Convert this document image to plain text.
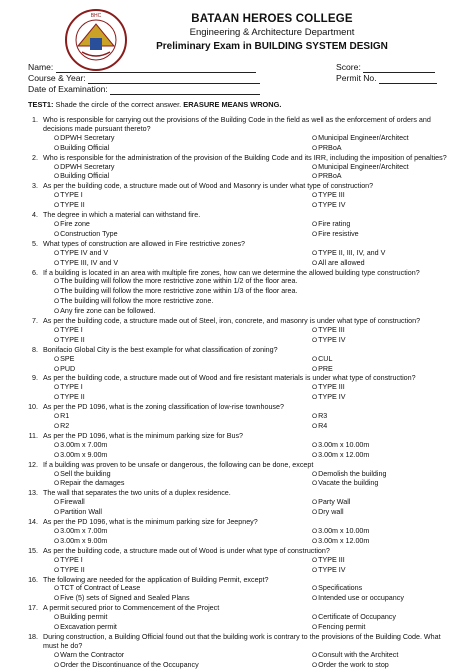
BHC	BATAAN HEROES COLLEGE
Engineering & Architecture Department
Preliminary Exam in BUILDING SYSTEM DESIGN
Name:	Score:
Course & Year:	Permit No.
Date of Examination:
TEST1: Shade the circle of the correct answer. ERASURE MEANS WRONG.
1. Who is responsible for carrying out the provisions of the Building Code in the field as well as the enforcement of orders and decisions made pursuant thereto?
ODPWH Secretary	OMunicipal Engineer/Architect
OBuilding Official	OPRBoA
2. Who is responsible for the administration of the provision of the Building Code and its IRR, including the imposition of penalties?
ODPWH Secretary	OMunicipal Engineer/Architect
OBuilding Official	OPRBoA
3. As per the building code, a structure made out of Wood and Masonry is under what type of construction?
OTYPE I	OTYPE III
OTYPE II	OTYPE IV
4. The degree in which a material can withstand fire.
OFire zone	OFire rating
OConstruction Type	OFire resistive
5. What types of construction are allowed in Fire restrictive zones?
OTYPE IV and V	OTYPE II, III, IV, and V
OTYPE III, IV and V	OAll are allowed
6. If a building is located in an area with multiple fire zones, how can we determine the allowed building type construction?
OThe building will follow the more restrictive zone within 1/2 of the floor area.
OThe building will follow the more restrictive zone within 1/3 of the floor area.
OThe building will follow the more restrictive zone.
OAny fire zone can be followed.
7. As per the building code, a structure made out of Steel, iron, concrete, and masonry is under what type of construction?
OTYPE I	OTYPE III
OTYPE II	OTYPE IV
8. Bonifacio Global City is the best example for what classification of zoning?
OSPE	OCUL
OPUD	OPRE
9. As per the building code, a structure made out of Wood and fire resistant materials is under what type of construction?
OTYPE I	OTYPE III
OTYPE II	OTYPE IV
10. As per the PD 1096, what is the zoning classification of low-rise townhouse?
OR1	OR3
OR2	OR4
11. As per the PD 1096, what is the minimum parking size for Bus?
O3.00m x 7.00m	O3.00m x 10.00m
O3.00m x 9.00m	O3.00m x 12.00m
12. If a building was proven to be unsafe or dangerous, the following can be done, except
OSell the building	ODemolish the building
ORepair the damages	OVacate the building
13. The wall that separates the two units of a duplex residence.
OFirewall	OParty Wall
OPartition Wall	ODry wall
14. As per the PD 1096, what is the minimum parking size for Jeepney?
O3.00m x 7.00m	O3.00m x 10.00m
O3.00m x 9.00m	O3.00m x 12.00m
15. As per the building code, a structure made out of Wood is under what type of construction?
OTYPE I	OTYPE III
OTYPE II	OTYPE IV
16. The following are needed for the application of Building Permit, except?
OTCT of Contract of Lease	OSpecifications
OFive (5) sets of Signed and Sealed Plans	OIntended use or occupancy
17. A permit secured prior to Commencement of the Project
OBuilding permit	OCertificate of Occupancy
OExcavation permit	OFencing permit
18. During construction, a Building Official found out that the building work is contrary to the provisions of the Building Code. What must he do?
OWarn the Contractor	OConsult with the Architect
OOrder the Discontinuance of the Occupancy	OOrder the work to stop
